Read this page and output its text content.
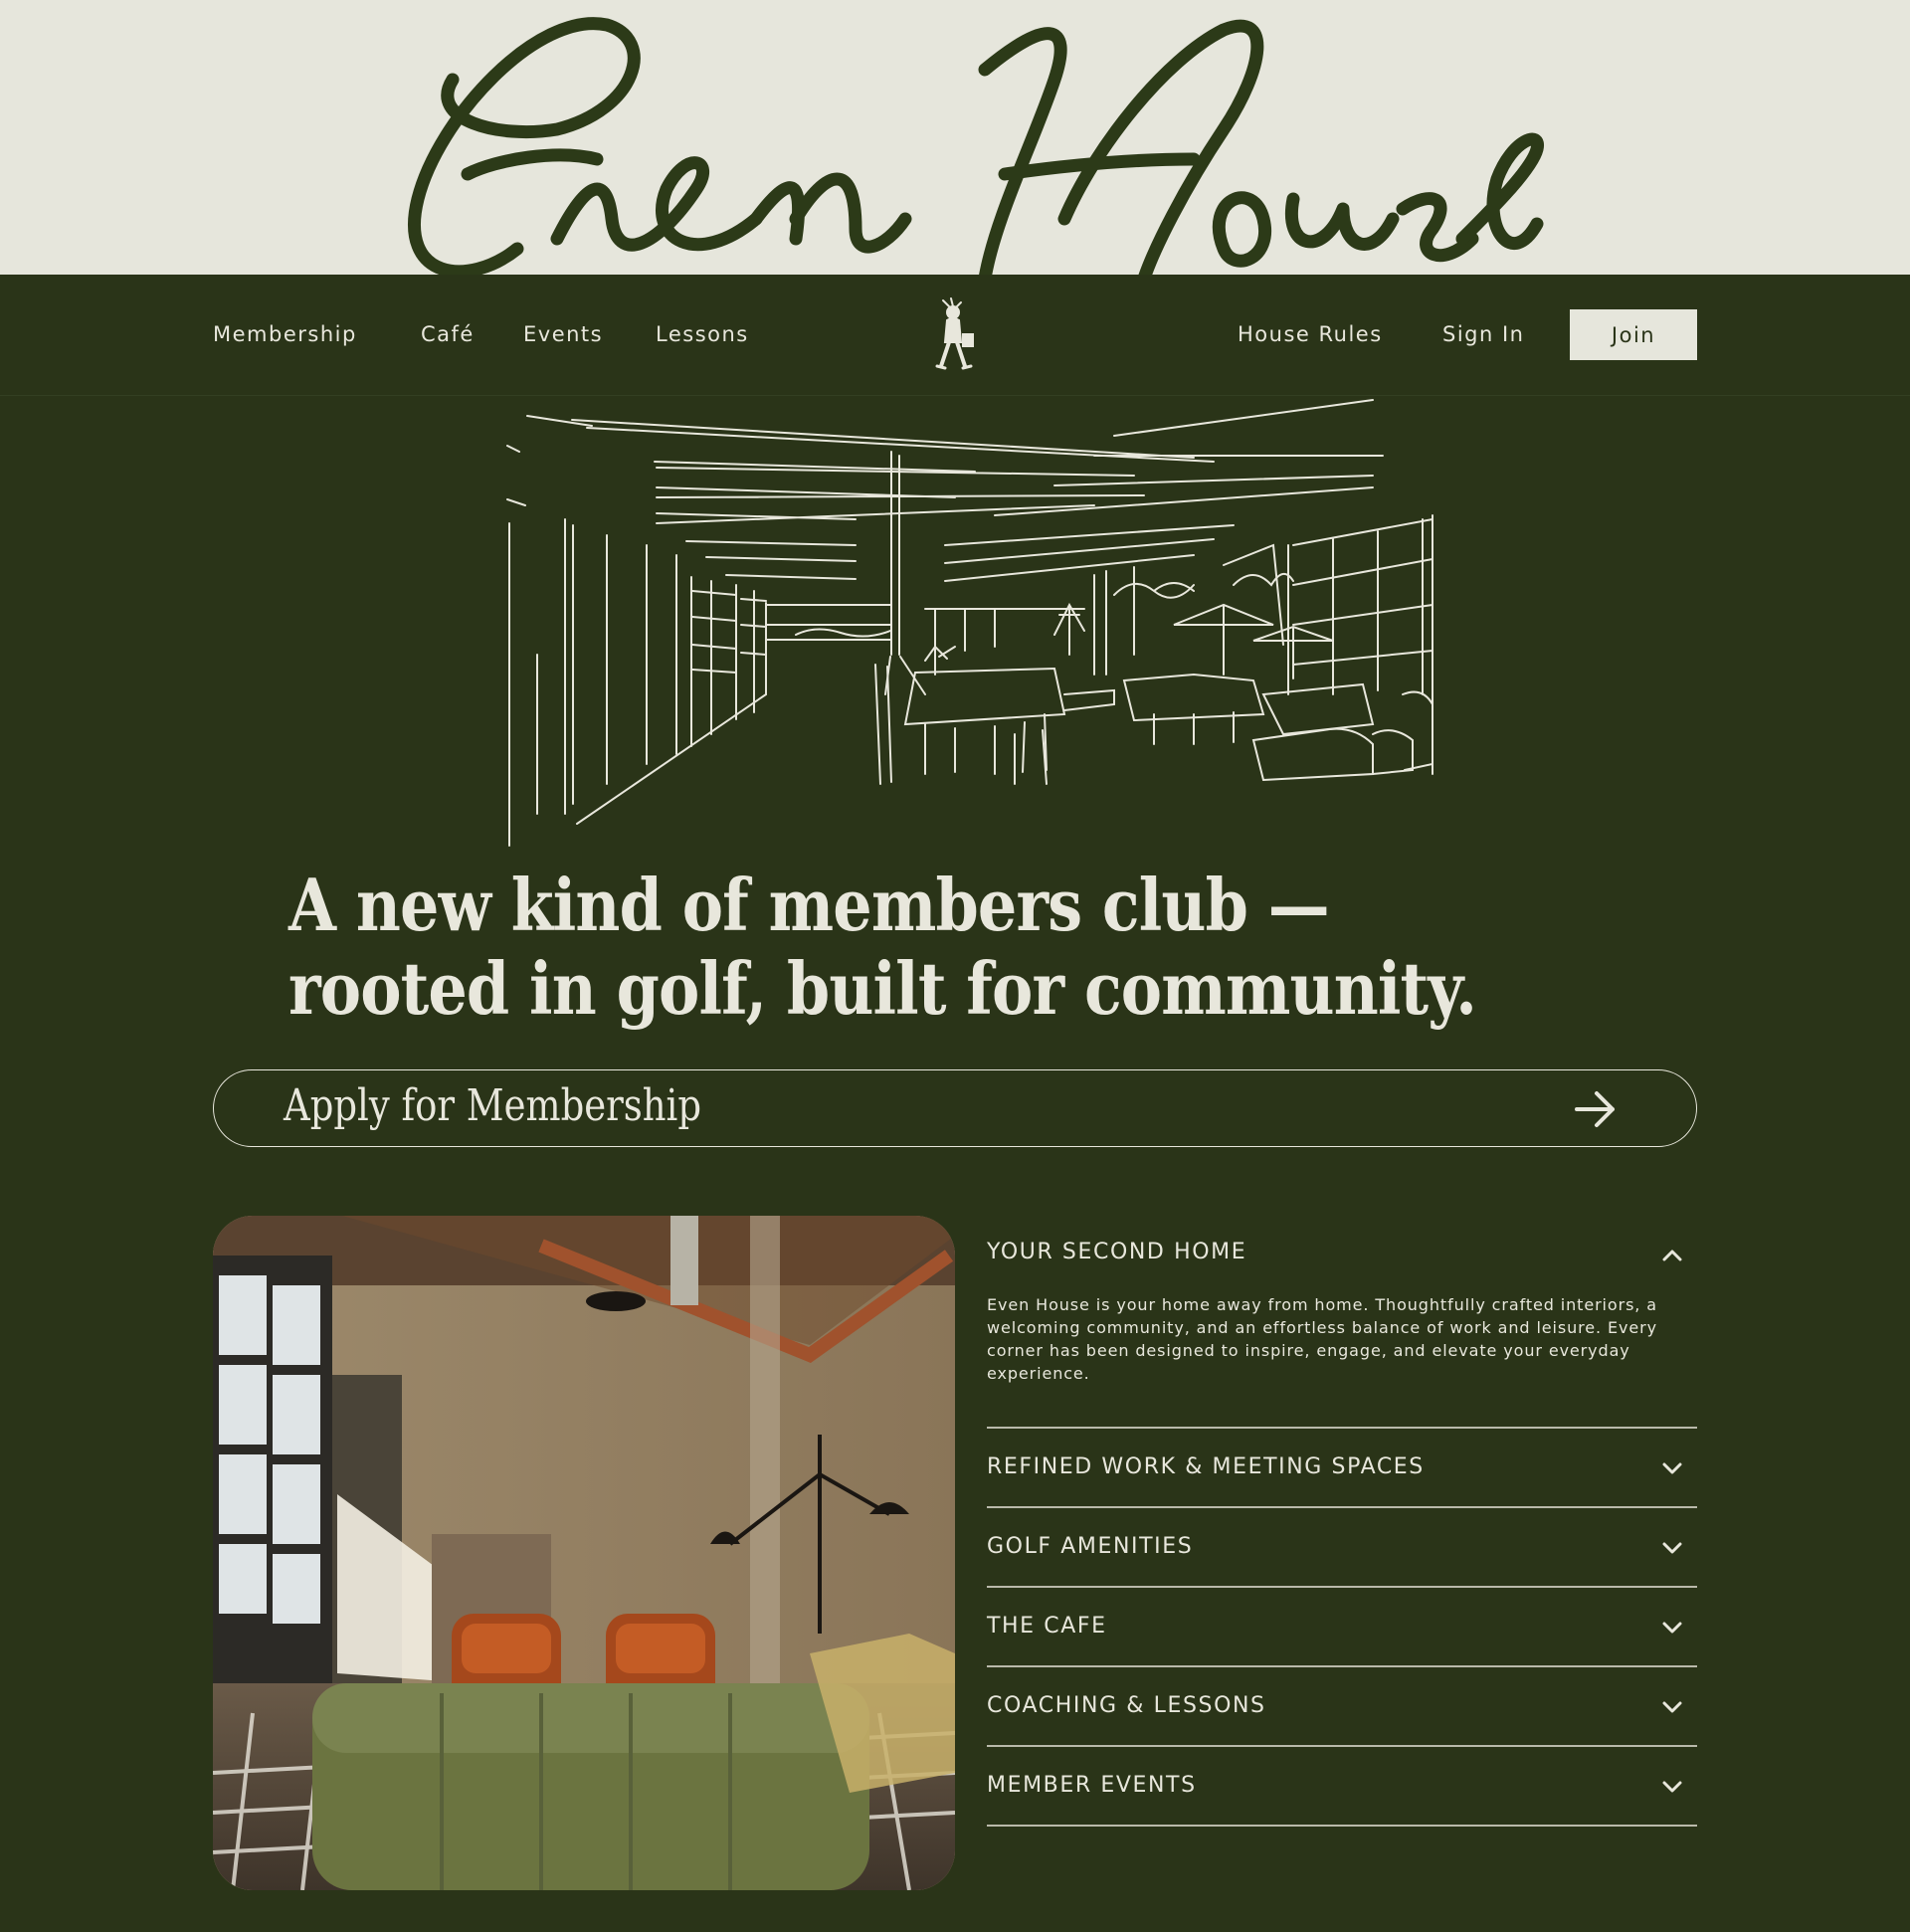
Membership	Café Events	Lessons	House Rules	Sign In	Join
A new kind of members club —
rooted in golf, built for community.
Apply for Membership
YOUR SECOND HOME

Even House is your home away from home. Thoughtfully crafted interiors, a welcoming community, and an effortless balance of work and leisure. Every corner has been designed to inspire, engage, and elevate your everyday experience.

REFINED WORK & MEETING SPACES
GOLF AMENITIES
THE CAFE
COACHING & LESSONS
MEMBER EVENTS
